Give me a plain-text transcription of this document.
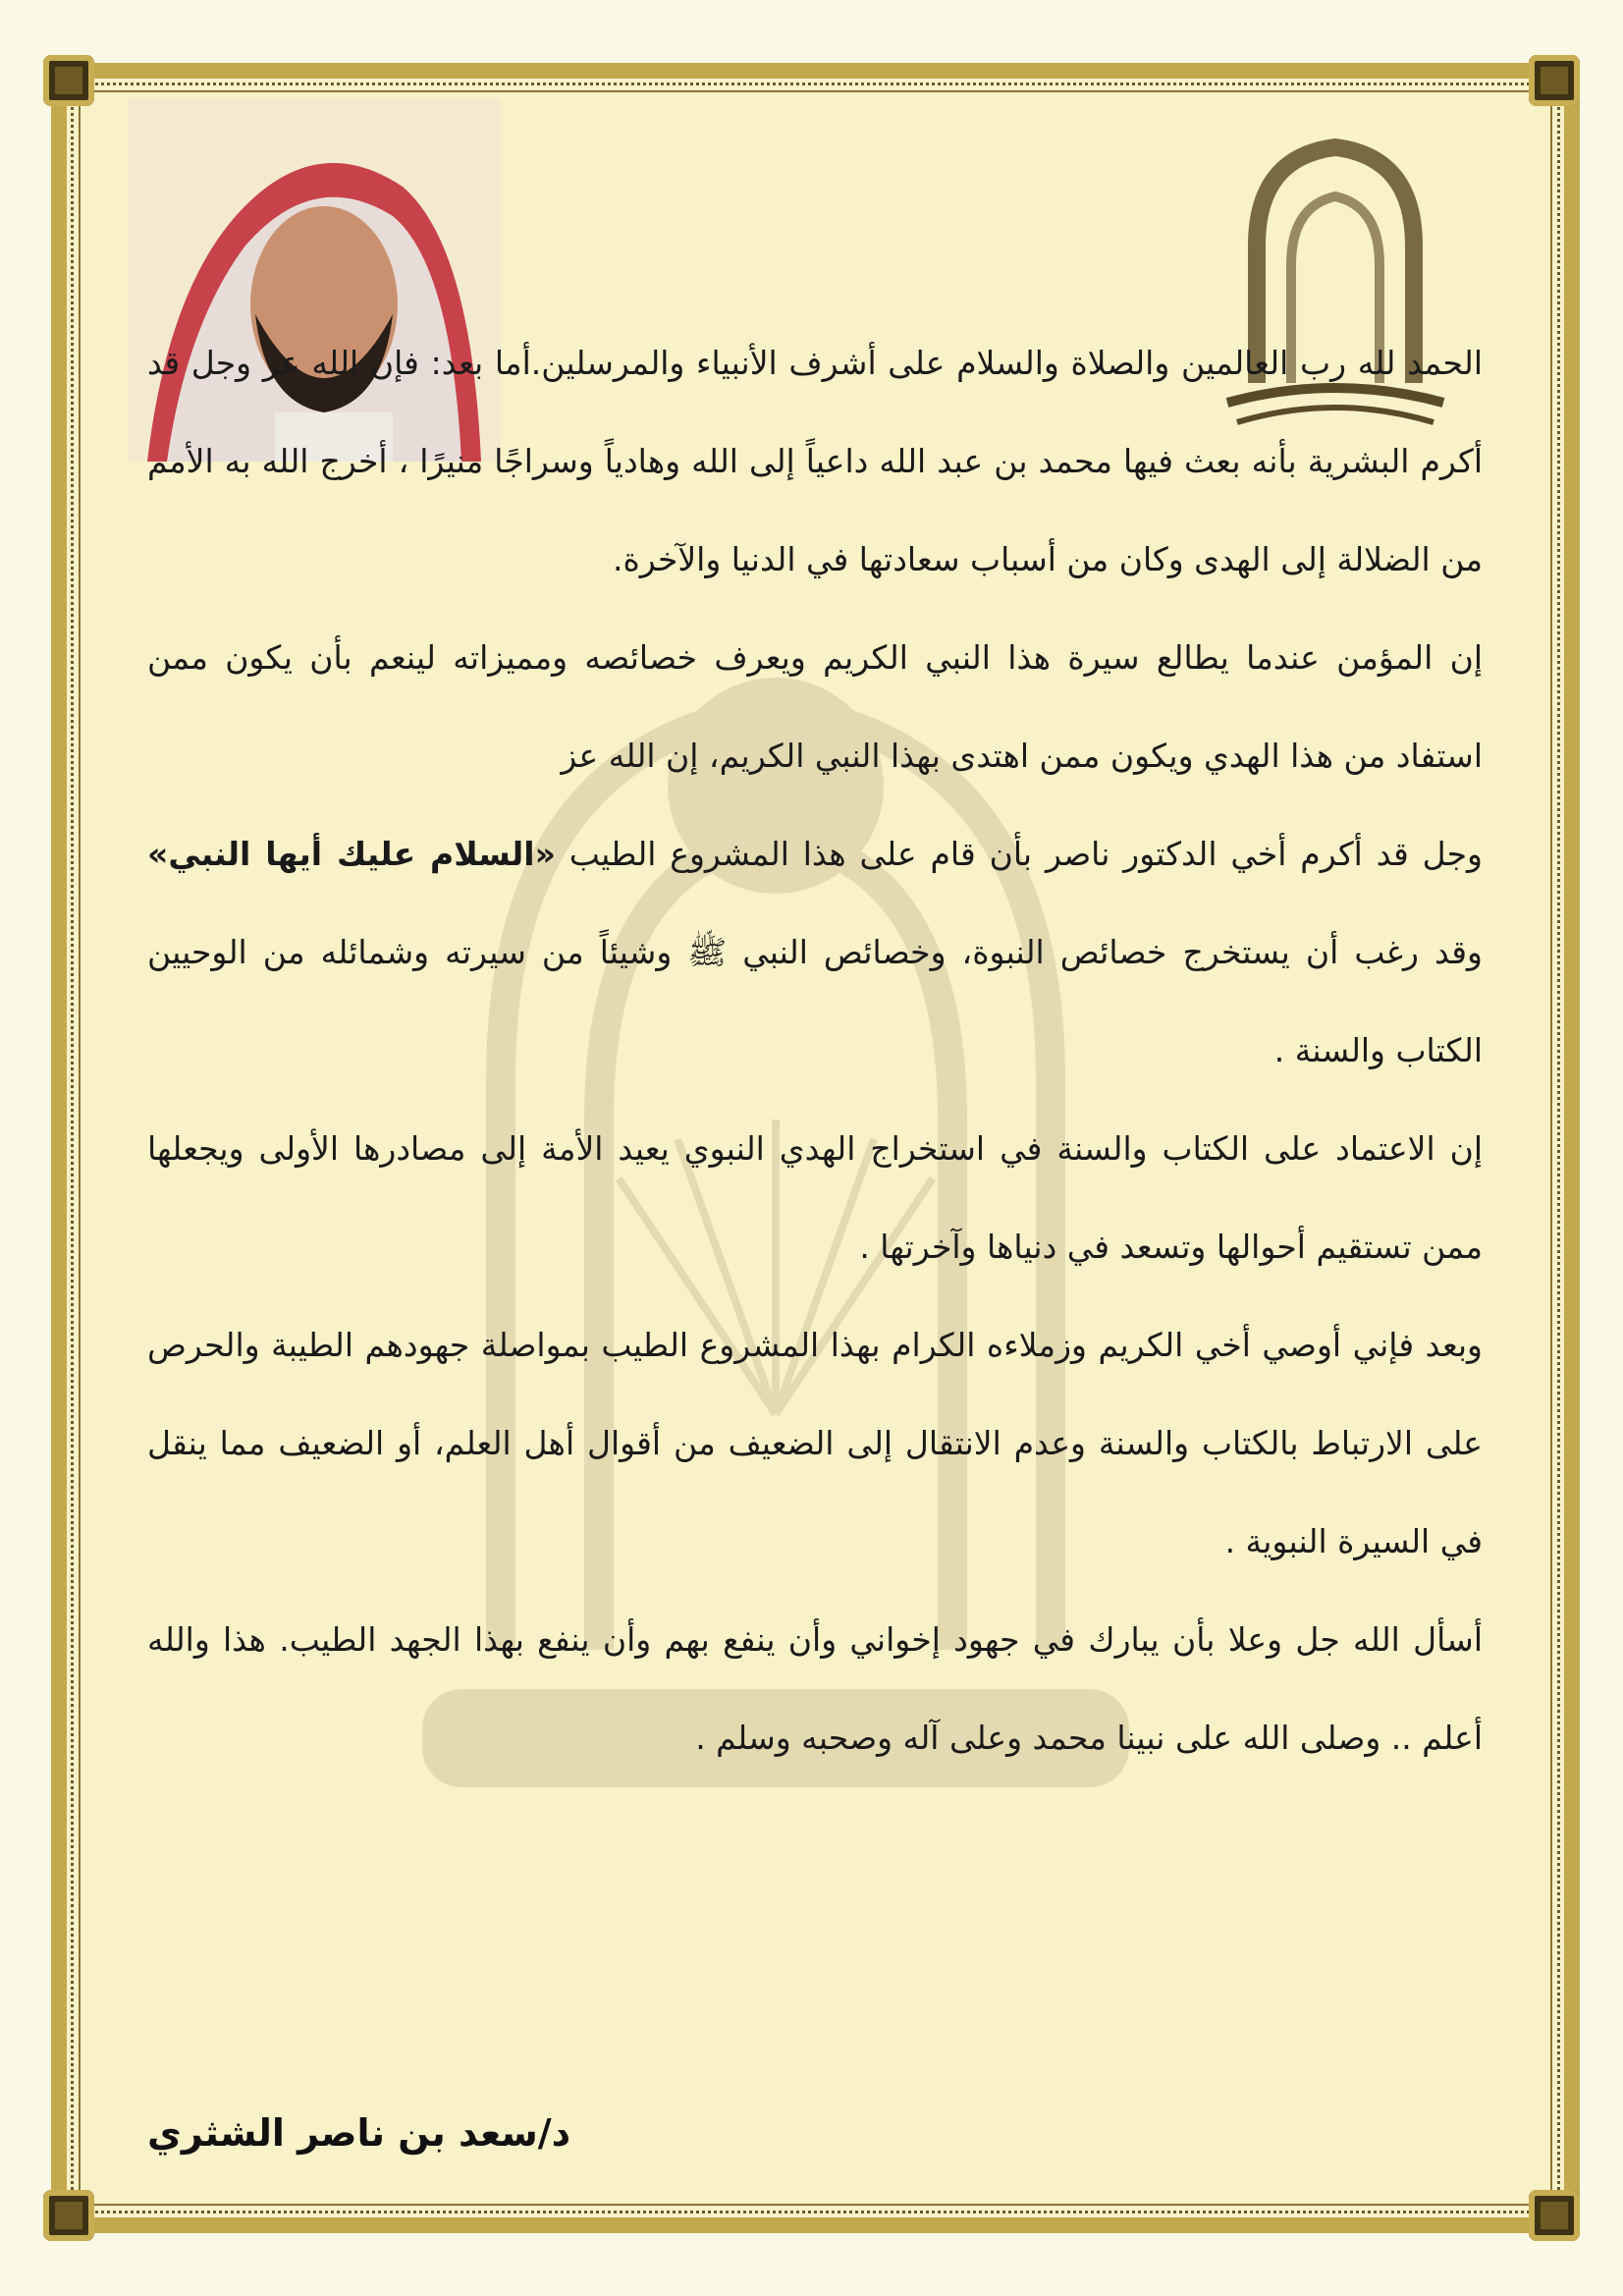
الحمد لله رب العالمين والصلاة والسلام على أشرف الأنبياء والمرسلين.أما بعد: فإن الله عز وجل قد أكرم البشرية بأنه بعث فيها محمد بن عبد الله داعياً إلى الله وهادياً وسراجًا منيرًا ، أخرج الله به الأمم من الضلالة إلى الهدى وكان من أسباب سعادتها في الدنيا والآخرة.

إن المؤمن عندما يطالع سيرة هذا النبي الكريم ويعرف خصائصه ومميزاته لينعم بأن يكون ممن استفاد من هذا الهدي ويكون ممن اهتدى بهذا النبي الكريم، إن الله عز

وجل قد أكرم أخي الدكتور ناصر بأن قام على هذا المشروع الطيب «السلام عليك أيها النبي» وقد رغب أن يستخرج خصائص النبوة، وخصائص النبي ﷺ وشيئاً من سيرته وشمائله من الوحيين الكتاب والسنة .

إن الاعتماد على الكتاب والسنة في استخراج الهدي النبوي يعيد الأمة إلى مصادرها الأولى ويجعلها ممن تستقيم أحوالها وتسعد في دنياها وآخرتها .

وبعد فإني أوصي أخي الكريم وزملاءه الكرام بهذا المشروع الطيب بمواصلة جهودهم الطيبة والحرص على الارتباط بالكتاب والسنة وعدم الانتقال إلى الضعيف من أقوال أهل العلم، أو الضعيف مما ينقل في السيرة النبوية .

أسأل الله جل وعلا بأن يبارك في جهود إخواني وأن ينفع بهم وأن ينفع بهذا الجهد الطيب. هذا والله أعلم .. وصلى الله على نبينا محمد وعلى آله وصحبه وسلم .

د/سعد بن ناصر الشثري
